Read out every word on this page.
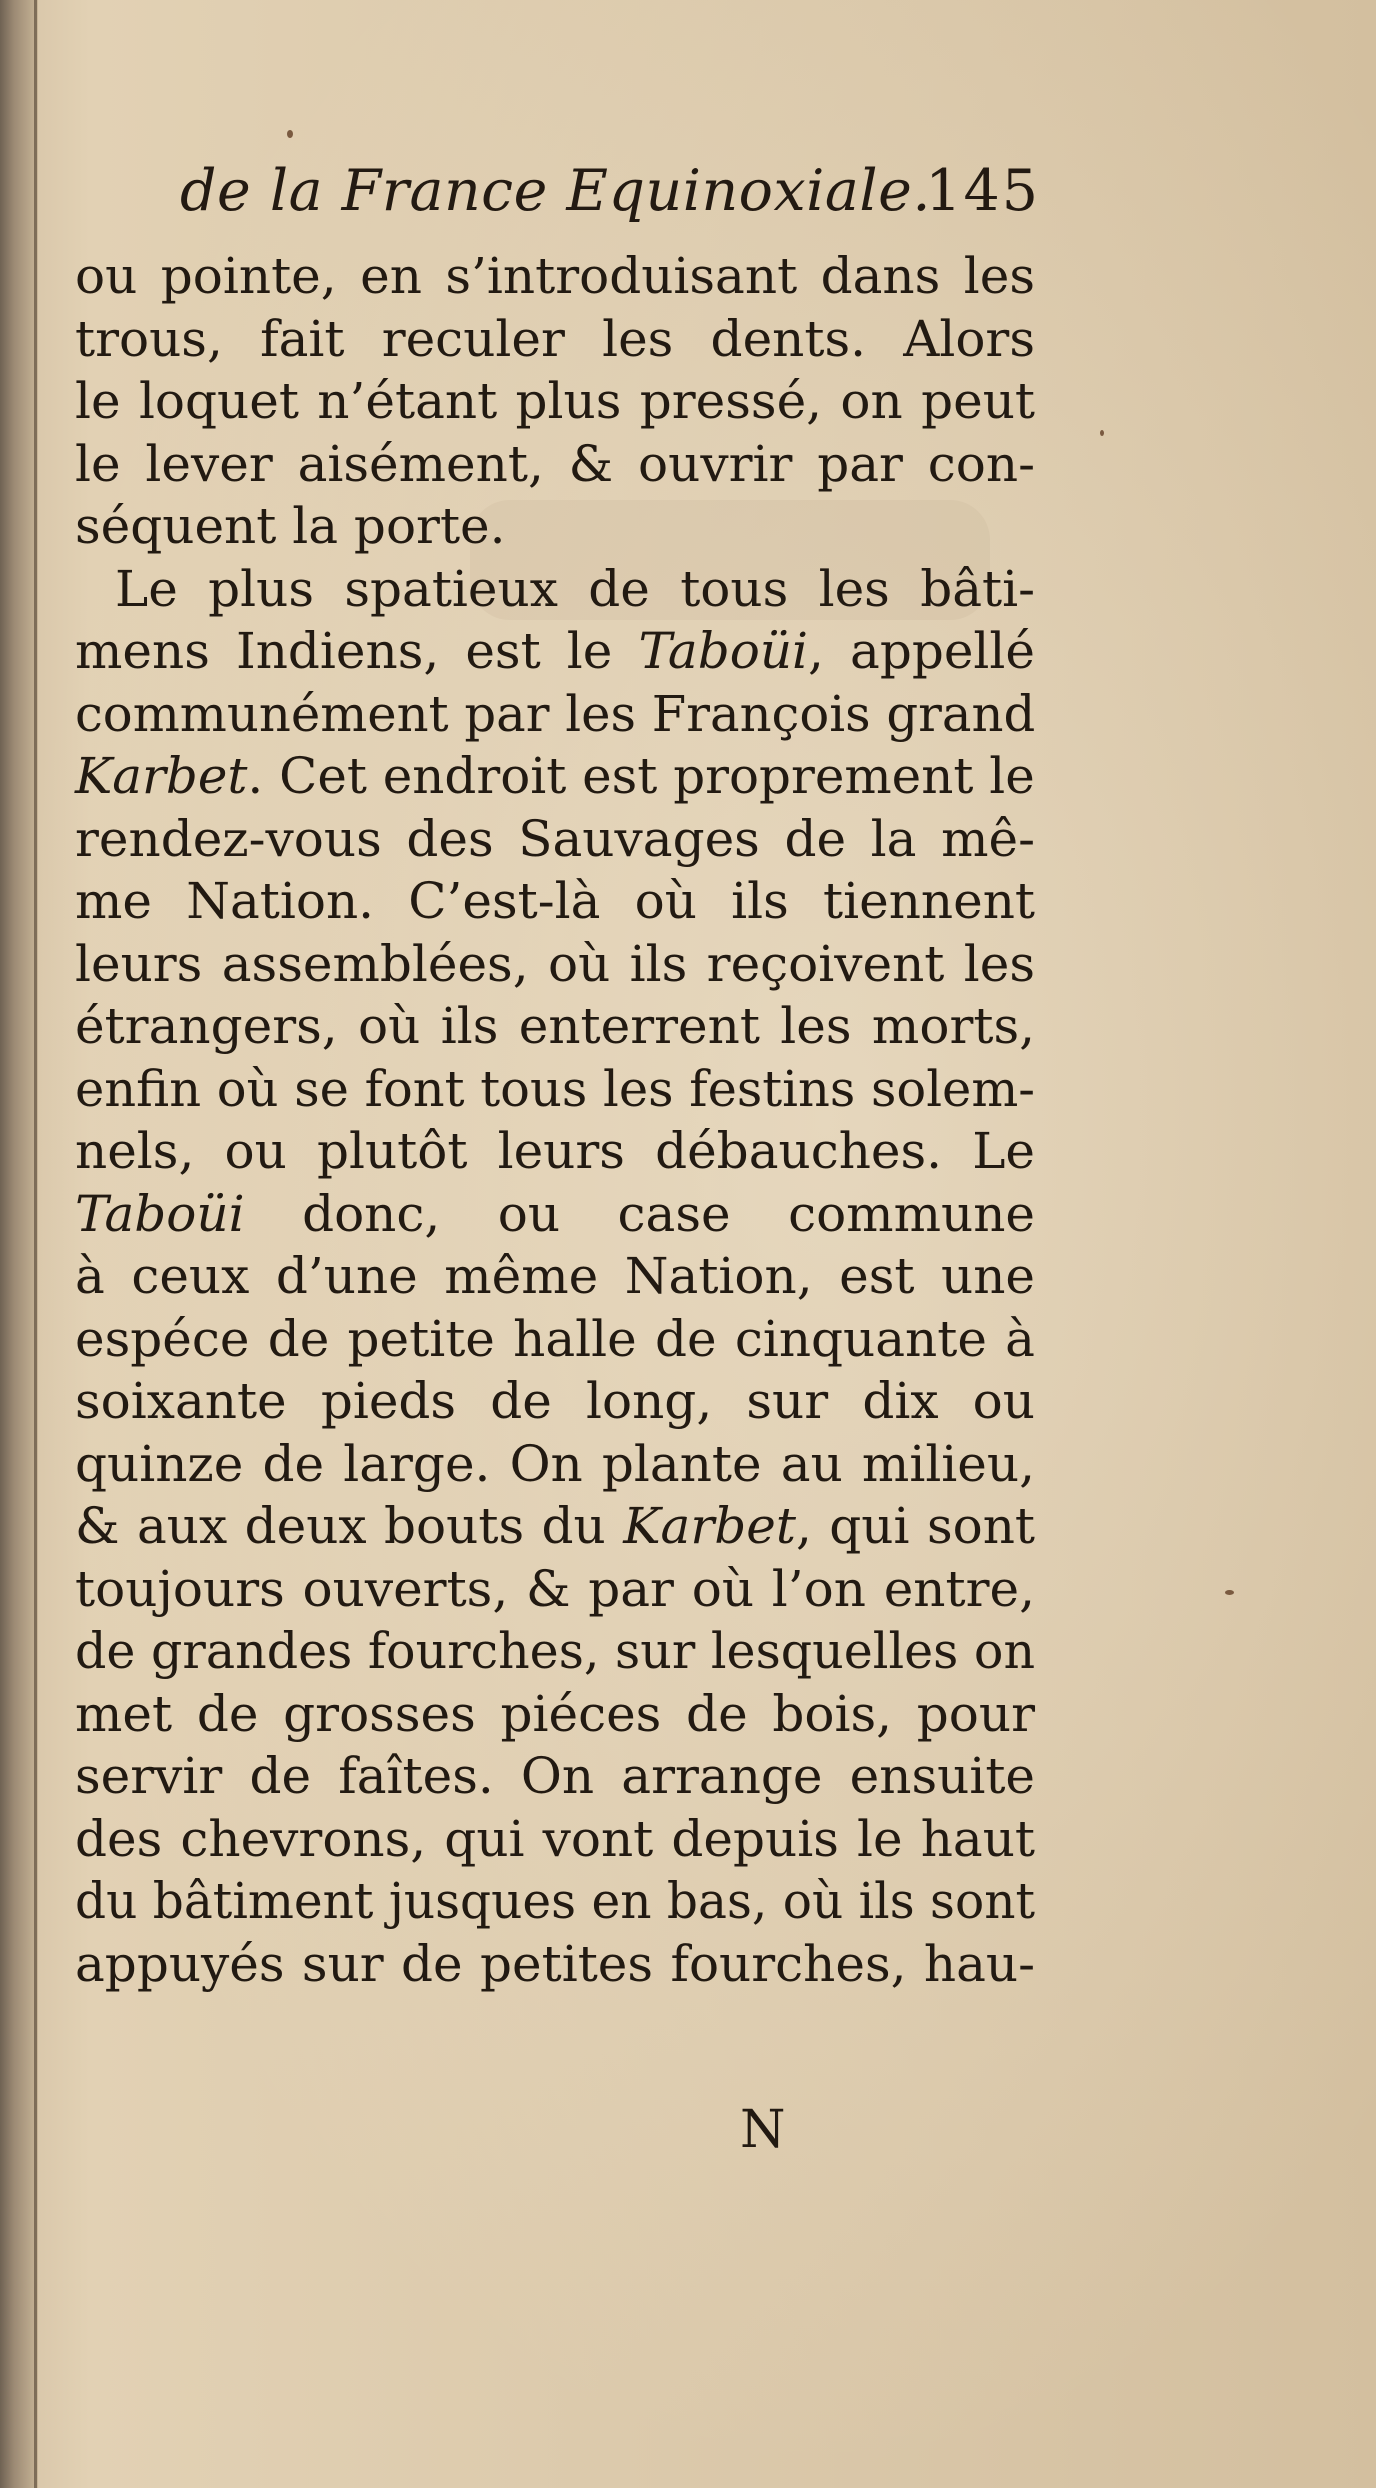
de la France Equinoxiale.
145
ou pointe, en s’introduisant dans les
trous, fait reculer les dents. Alors
le loquet n’étant plus pressé, on peut
le lever aisément, & ouvrir par con-
séquent la porte.
Le plus spatieux de tous les bâti-
mens Indiens, est le Taboüi, appellé
communément par les François grand
Karbet. Cet endroit est proprement le
rendez-vous des Sauvages de la mê-
me Nation. C’est-là où ils tiennent
leurs assemblées, où ils reçoivent les
étrangers, où ils enterrent les morts,
enfin où se font tous les festins solem-
nels, ou plutôt leurs débauches. Le
Taboüi donc, ou case commune
à ceux d’une même Nation, est une
espéce de petite halle de cinquante à
soixante pieds de long, sur dix ou
quinze de large. On plante au milieu,
& aux deux bouts du Karbet, qui sont
toujours ouverts, & par où l’on entre,
de grandes fourches, sur lesquelles on
met de grosses piéces de bois, pour
servir de faîtes. On arrange ensuite
des chevrons, qui vont depuis le haut
du bâtiment jusques en bas, où ils sont
appuyés sur de petites fourches, hau-
N
